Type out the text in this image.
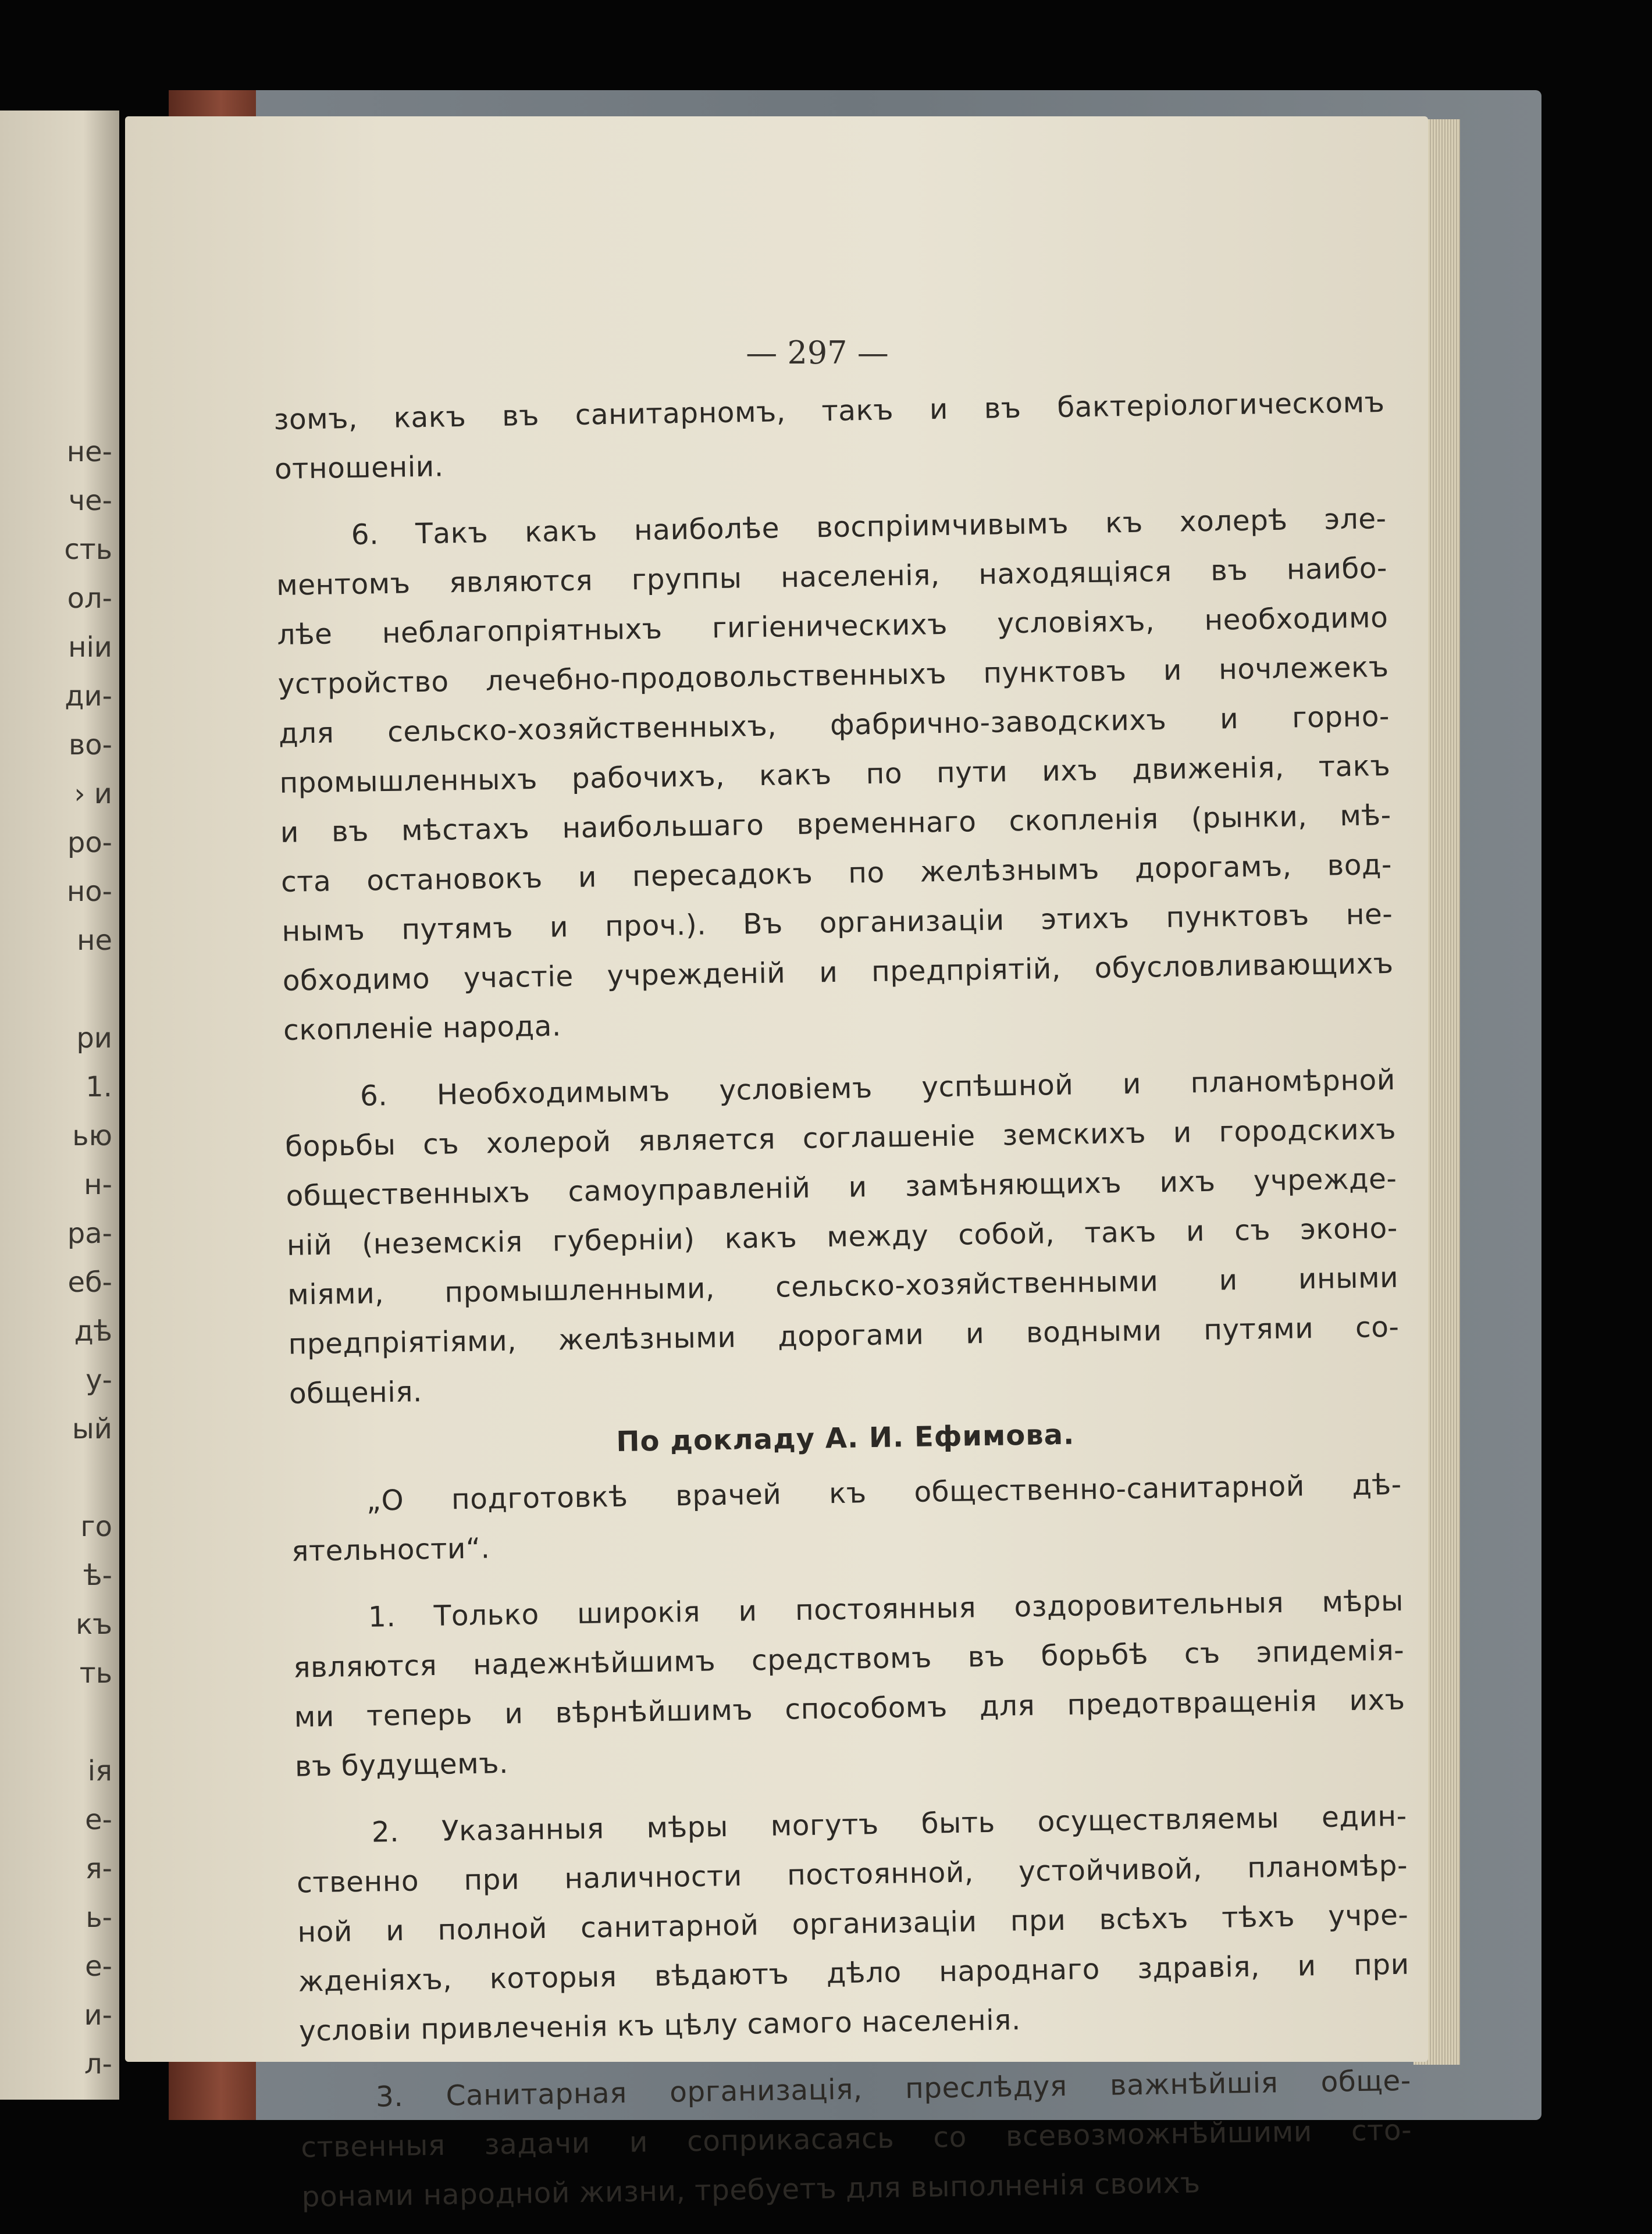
не-
че-
сть
ол-
нiи
ди-
во-
› и
ро-
но-
не
ри
1.
ью
н-
ра-
еб-
дѣ
у-
ый
го
ѣ-
къ
ть
ія
е-
я-
ь-
е-
и-
л-
— 297 —
зомъ, какъ въ санитарномъ, такъ и въ бактеріологическомъ
отношеніи.
6. Такъ какъ наиболѣе воспріимчивымъ къ холерѣ эле-
ментомъ являются группы населенія, находящіяся въ наибо-
лѣе неблагопріятныхъ гигіеническихъ условіяхъ, необходимо
устройство лечебно-продовольственныхъ пунктовъ и ночлежекъ
для сельско-хозяйственныхъ, фабрично-заводскихъ и горно-
промышленныхъ рабочихъ, какъ по пути ихъ движенія, такъ
и въ мѣстахъ наибольшаго временнаго скопленія (рынки, мѣ-
ста остановокъ и пересадокъ по желѣзнымъ дорогамъ, вод-
нымъ путямъ и проч.). Въ организаціи этихъ пунктовъ не-
обходимо участіе учрежденій и предпріятій, обусловливающихъ
скопленіе народа.
6. Необходимымъ условіемъ успѣшной и планомѣрной
борьбы съ холерой является соглашеніе земскихъ и городскихъ
общественныхъ самоуправленій и замѣняющихъ ихъ учрежде-
ній (неземскія губерніи) какъ между собой, такъ и съ эконо-
міями, промышленными, сельско-хозяйственными и иными
предпріятіями, желѣзными дорогами и водными путями со-
общенія.
По докладу А. И. Ефимова.
„О подготовкѣ врачей къ общественно-санитарной дѣ-
ятельности“.
1. Только широкія и постоянныя оздоровительныя мѣры
являются надежнѣйшимъ средствомъ въ борьбѣ съ эпидемія-
ми теперь и вѣрнѣйшимъ способомъ для предотвращенія ихъ
въ будущемъ.
2. Указанныя мѣры могутъ быть осуществляемы един-
ственно при наличности постоянной, устойчивой, планомѣр-
ной и полной санитарной организаціи при всѣхъ тѣхъ учре-
жденіяхъ, которыя вѣдаютъ дѣло народнаго здравія, и при
условіи привлеченія къ цѣлу самого населенія.
3. Санитарная организація, преслѣдуя важнѣйшія обще-
ственныя задачи и соприкасаясь со всевозможнѣйшими сто-
ронами народной жизни, требуетъ для выполненія своихъ
